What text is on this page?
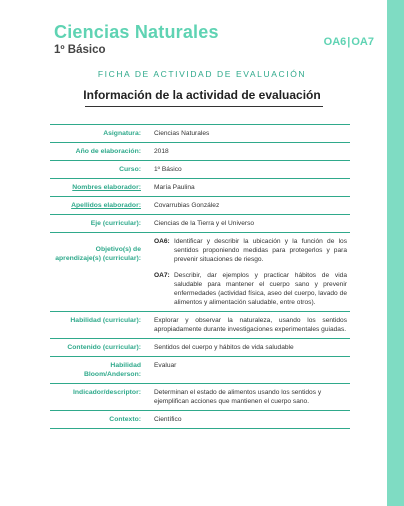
Ciencias Naturales
1º Básico
OA6|OA7
FICHA DE ACTIVIDAD DE EVALUACIÓN
Información de la actividad de evaluación
Asignatura:	Ciencias Naturales
Año de elaboración:	2018
Curso:	1º Básico
Nombres elaborador:	María Paulina
Apellidos elaborador:	Covarrubias González
Eje (curricular):	Ciencias de la Tierra y el Universo
Objetivo(s) de aprendizaje(s) (curricular):	OA6: Identificar y describir la ubicación y la función de los sentidos proponiendo medidas para protegerlos y para prevenir situaciones de riesgo.
OA7: Describir, dar ejemplos y practicar hábitos de vida saludable para mantener el cuerpo sano y prevenir enfermedades (actividad física, aseo del cuerpo, lavado de alimentos y alimentación saludable, entre otros).

Habilidad (curricular):	Explorar y observar la naturaleza, usando los sentidos apropiadamente durante investigaciones experimentales guiadas.
Contenido (curricular):	Sentidos del cuerpo y hábitos de vida saludable
Habilidad Bloom/Anderson:	Evaluar
Indicador/descriptor:	Determinan el estado de alimentos usando los sentidos y ejemplifican acciones que mantienen el cuerpo sano.
Contexto:	Científico
